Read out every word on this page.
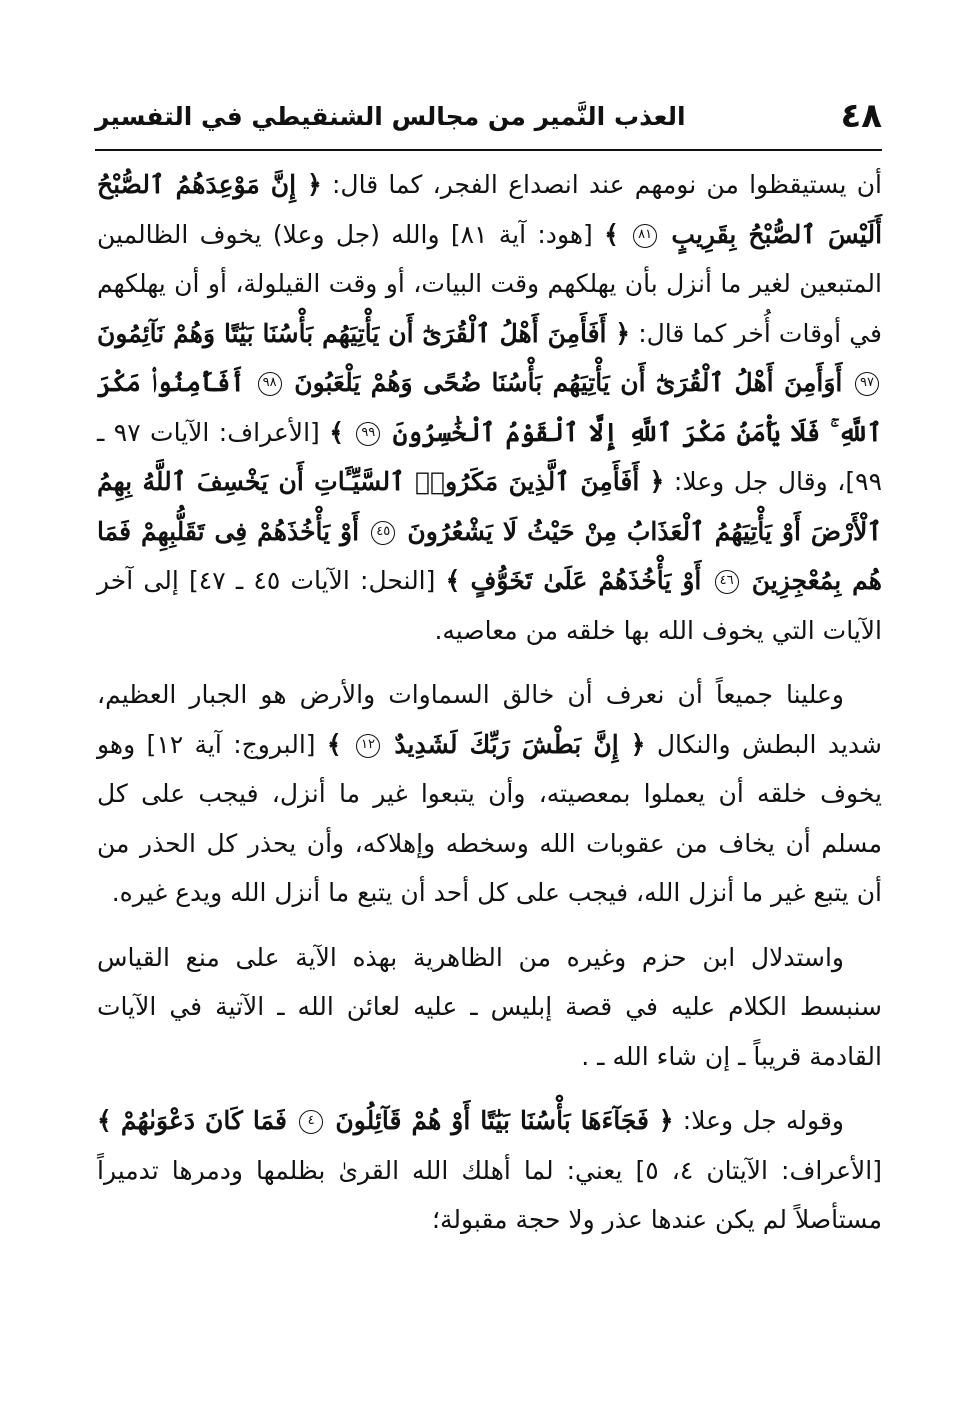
٤٨
العذب النَّمير من مجالس الشنقيطي في التفسير

أن يستيقظوا من نومهم عند انصداع الفجر، كما قال: ﴿ إِنَّ مَوْعِدَهُمُ ٱلصُّبْحُ أَلَيْسَ ٱلصُّبْحُ بِقَرِيبٍ ٨١ ﴾ [هود: آية ٨١] والله (جل وعلا) يخوف الظالمين المتبعين لغير ما أنزل بأن يهلكهم وقت البيات، أو وقت القيلولة، أو أن يهلكهم في أوقات أُخر كما قال: ﴿ أَفَأَمِنَ أَهْلُ ٱلْقُرَىٰٓ أَن يَأْتِيَهُم بَأْسُنَا بَيَٰتًا وَهُمْ نَآئِمُونَ ٩٧ أَوَأَمِنَ أَهْلُ ٱلْقُرَىٰٓ أَن يَأْتِيَهُم بَأْسُنَا ضُحًى وَهُمْ يَلْعَبُونَ ٩٨ أَفَأَمِنُوا۟ مَكْرَ ٱللَّهِ ۚ فَلَا يَأْمَنُ مَكْرَ ٱللَّهِ إِلَّا ٱلْقَوْمُ ٱلْخَٰسِرُونَ ٩٩ ﴾ [الأعراف: الآيات ٩٧ ـ ٩٩]، وقال جل وعلا: ﴿ أَفَأَمِنَ ٱلَّذِينَ مَكَرُوا۟ ٱلسَّيِّـَٔاتِ أَن يَخْسِفَ ٱللَّهُ بِهِمُ ٱلْأَرْضَ أَوْ يَأْتِيَهُمُ ٱلْعَذَابُ مِنْ حَيْثُ لَا يَشْعُرُونَ ٤٥ أَوْ يَأْخُذَهُمْ فِى تَقَلُّبِهِمْ فَمَا هُم بِمُعْجِزِينَ ٤٦ أَوْ يَأْخُذَهُمْ عَلَىٰ تَخَوُّفٍ ﴾ [النحل: الآيات ٤٥ ـ ٤٧] إلى آخر الآيات التي يخوف الله بها خلقه من معاصيه.

وعلينا جميعاً أن نعرف أن خالق السماوات والأرض هو الجبار العظيم، شديد البطش والنكال ﴿ إِنَّ بَطْشَ رَبِّكَ لَشَدِيدٌ ١٢ ﴾ [البروج: آية ١٢] وهو يخوف خلقه أن يعملوا بمعصيته، وأن يتبعوا غير ما أنزل، فيجب على كل مسلم أن يخاف من عقوبات الله وسخطه وإهلاكه، وأن يحذر كل الحذر من أن يتبع غير ما أنزل الله، فيجب على كل أحد أن يتبع ما أنزل الله ويدع غيره.

واستدلال ابن حزم وغيره من الظاهرية بهذه الآية على منع القياس سنبسط الكلام عليه في قصة إبليس ـ عليه لعائن الله ـ الآتية في الآيات القادمة قريباً ـ إن شاء الله ـ .

وقوله جل وعلا: ﴿ فَجَآءَهَا بَأْسُنَا بَيَٰتًا أَوْ هُمْ قَآئِلُونَ ٤ فَمَا كَانَ دَعْوَىٰهُمْ ﴾ [الأعراف: الآيتان ٤، ٥] يعني: لما أهلك الله القرىٰ بظلمها ودمرها تدميراً مستأصلاً لم يكن عندها عذر ولا حجة مقبولة؛
